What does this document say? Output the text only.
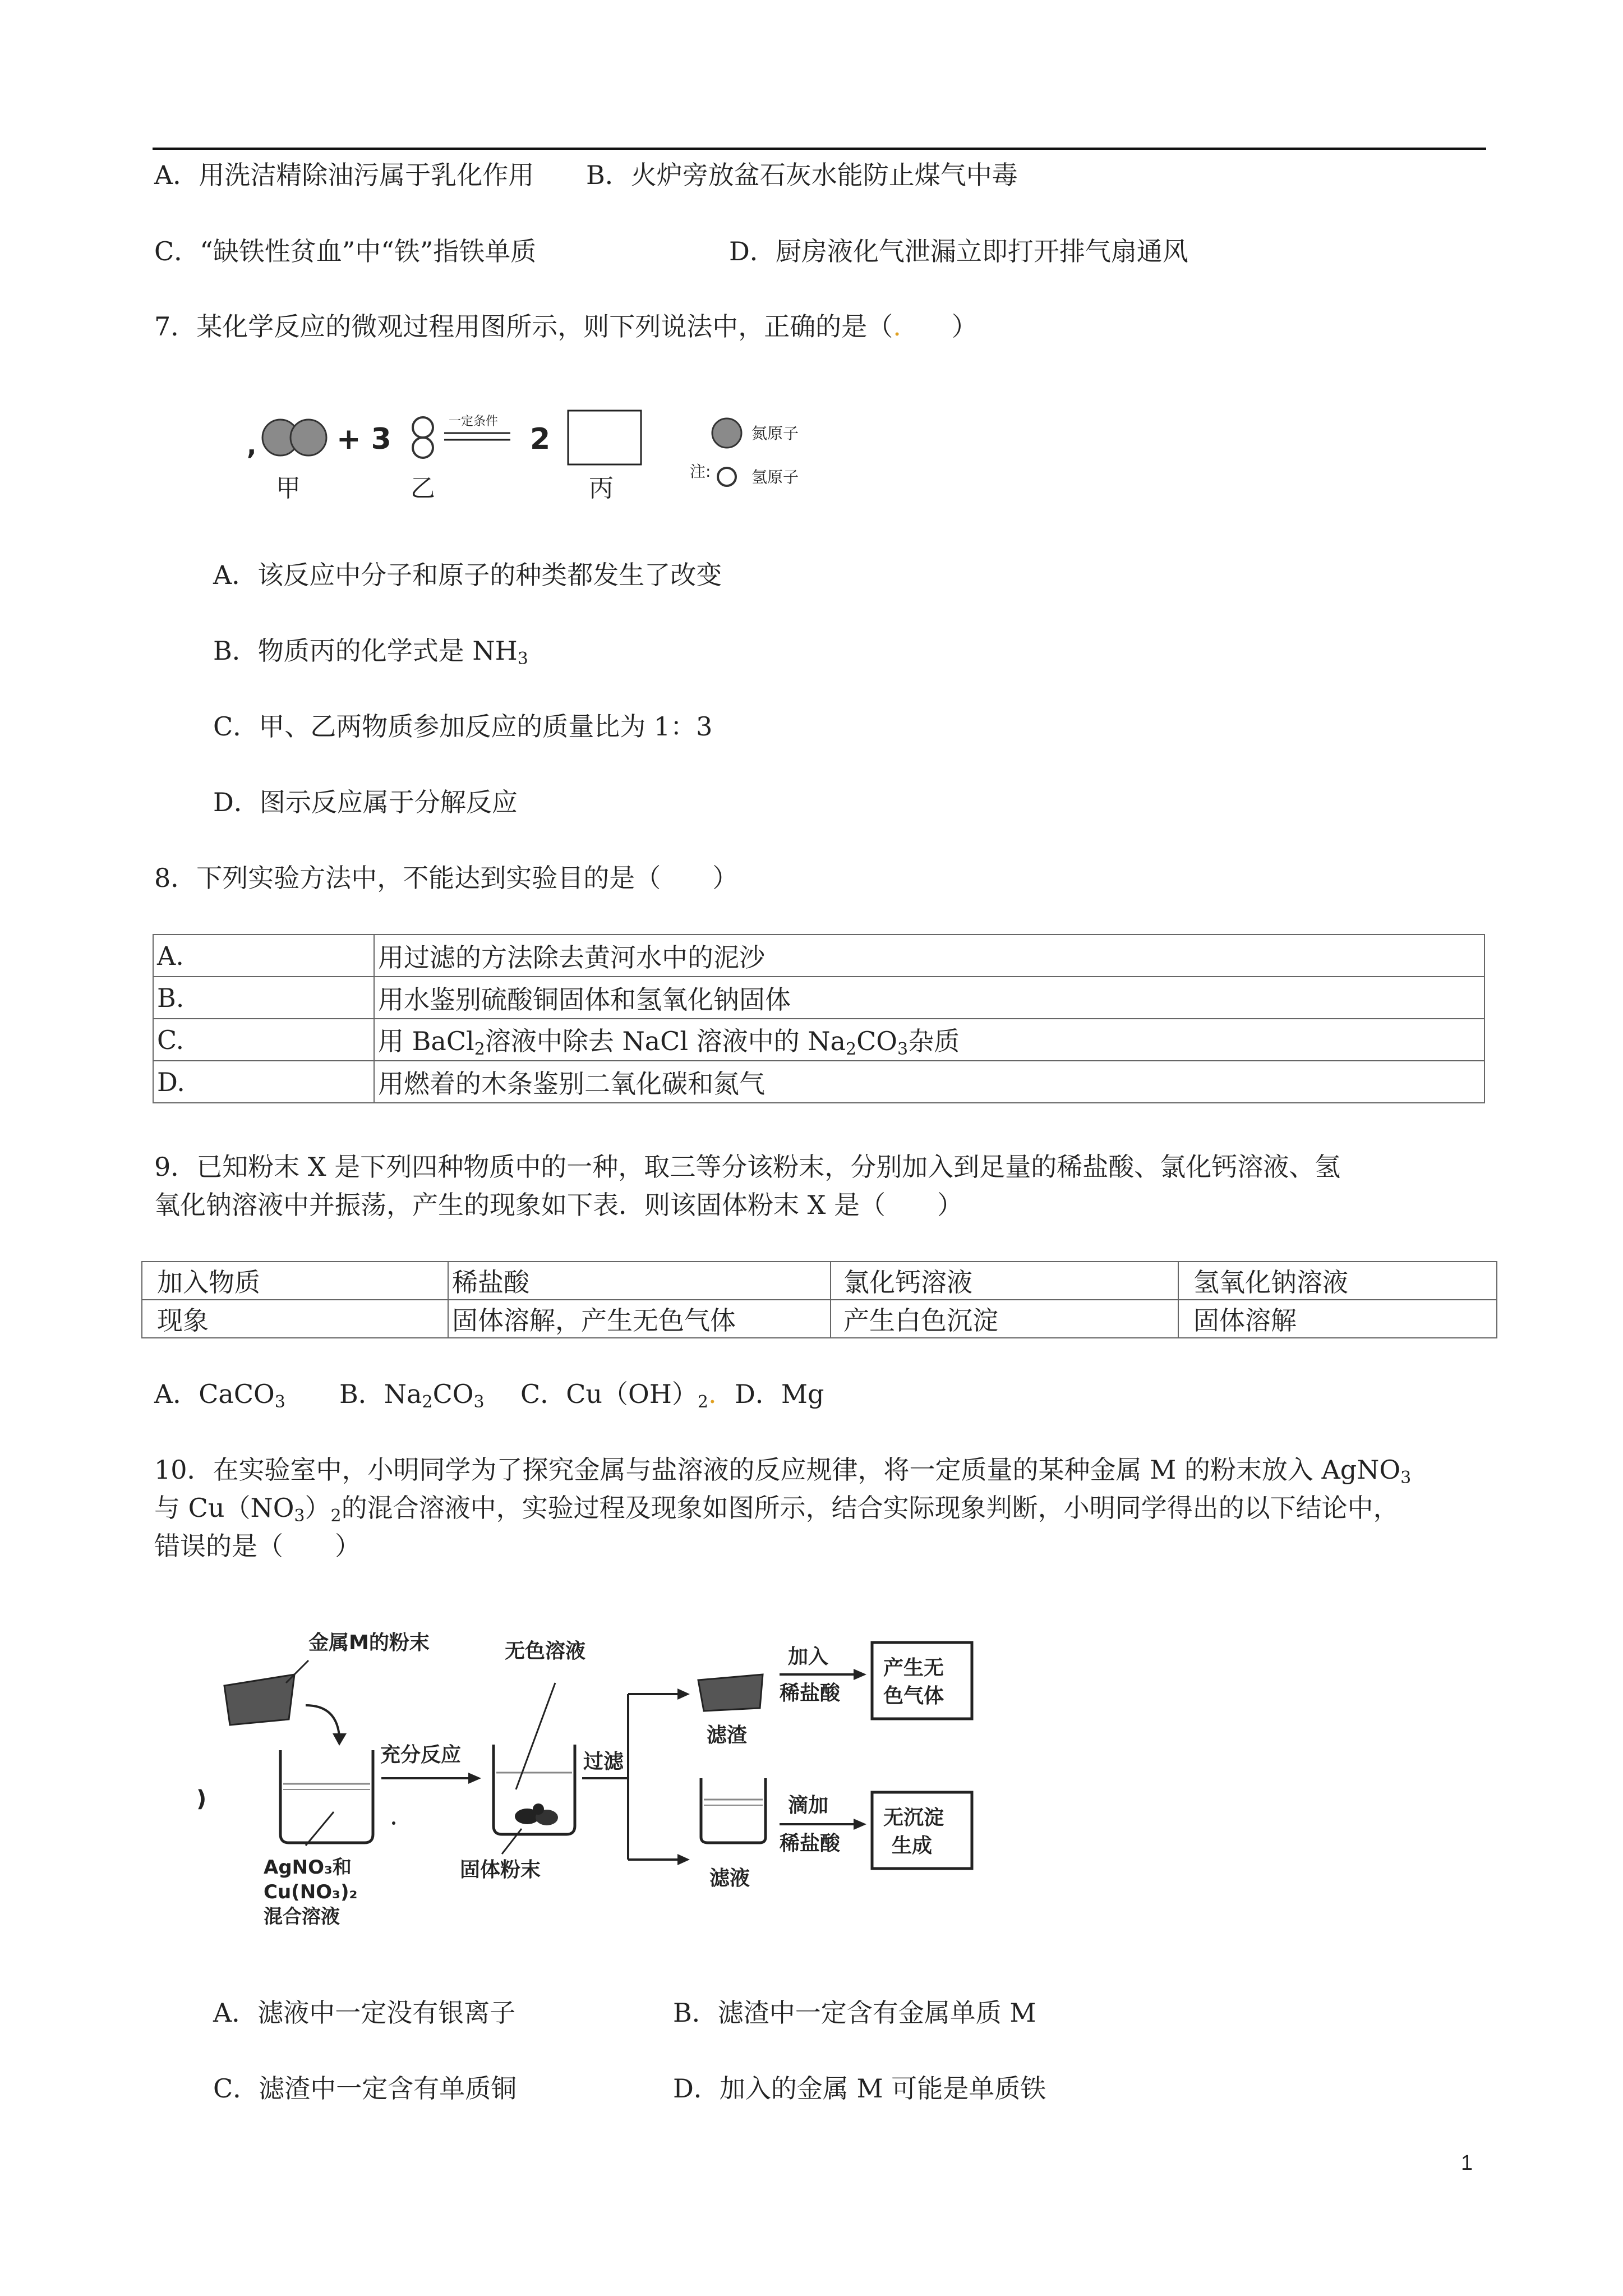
A．用洗洁精除油污属于乳化作用 B．火炉旁放盆石灰水能防止煤气中毒
C．“缺铁性贫血”中“铁”指铁单质	D．厨房液化气泄漏立即打开排气扇通风
7．某化学反应的微观过程用图所示，则下列说法中，正确的是（. ）
,	+ 3
一定条件
2
甲	乙	丙
氮原子
注:	氢原子
A．该反应中分子和原子的种类都发生了改变
B．物质丙的化学式是 $NH_3$
C．甲、乙两物质参加反应的质量比为 1：3
D．图示反应属于分解反应
8．下列实验方法中，不能达到实验目的是（　　）
A.	用过滤的方法除去黄河水中的泥沙
B.	用水鉴别硫酸铜固体和氢氧化钠固体
C.	用 BaCl$_2$溶液中除去 NaCl 溶液中的 $Na_2CO_3$杂质
D.	用燃着的木条鉴别二氧化碳和氮气
9．已知粉末 X 是下列四种物质中的一种，取三等分该粉末，分别加入到足量的稀盐酸、氯化钙溶液、氢
氧化钠溶液中并振荡，产生的现象如下表．则该固体粉末 X 是（　　）
加入物质	稀盐酸	氯化钙溶液	氢氧化钠溶液
现象	固体溶解，产生无色气体	产生白色沉淀	固体溶解
A．CaCO$_3$ B．$Na_2CO_3$ C．$Cu(OH)_2$. D．Mg
10．在实验室中，小明同学为了探究金属与盐溶液的反应规律，将一定质量的某种金属 M 的粉末放入 AgNO$_3$
与 $Cu(NO_3)_2$的混合溶液中，实验过程及现象如图所示，结合实际现象判断，小明同学得出的以下结论中，
错误的是（　　）
)
金属M的粉末
AgNO₃和
Cu(NO₃)₂
混合溶液
充分反应
无色溶液
固体粉末
过滤
滤渣
滤液
加入
稀盐酸
产生无
色气体
滴加
稀盐酸
无沉淀
生成
A．滤液中一定没有银离子	B．滤渣中一定含有金属单质 M
C．滤渣中一定含有单质铜	D．加入的金属 M 可能是单质铁
1
